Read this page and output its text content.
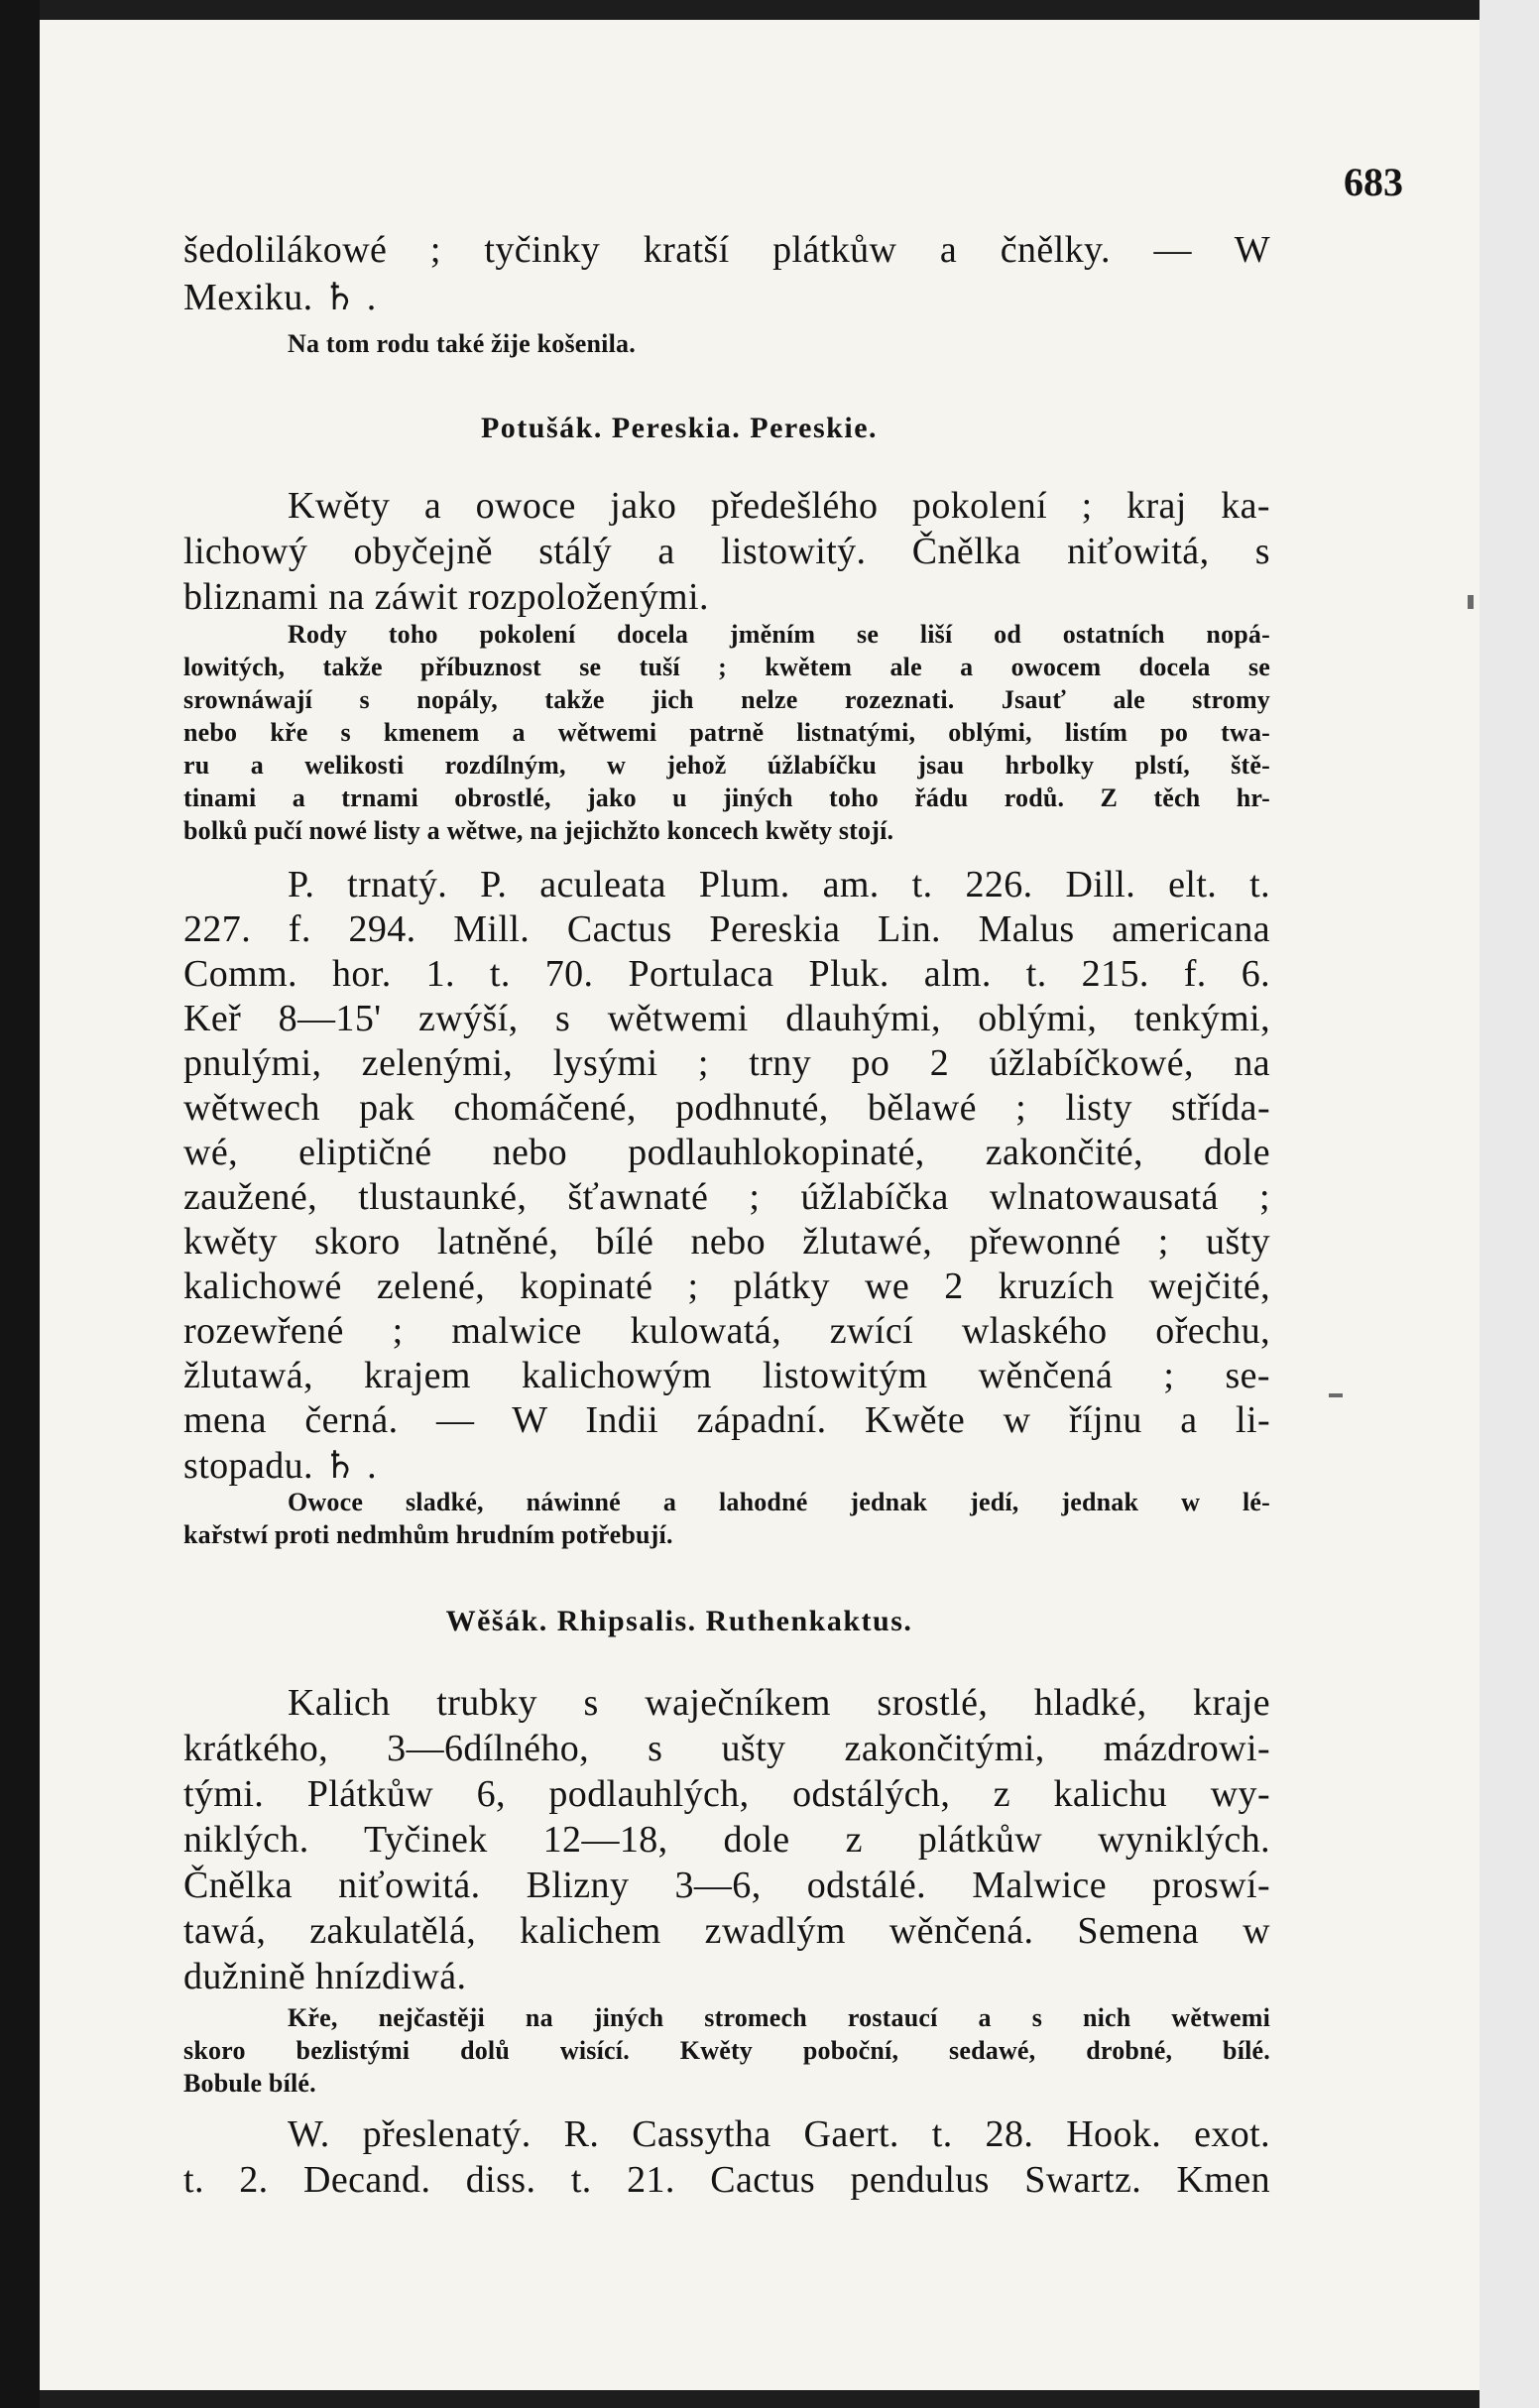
683
šedolilákowé ; tyčinky kratší plátkůw a čnělky. — W
Mexiku. ♄ .
Na tom rodu také žije košenila.
Potušák. Pereskia. Pereskie.
Kwěty a owoce jako předešlého pokolení ; kraj ka-
lichowý obyčejně stálý a listowitý. Čnělka niťowitá, s
bliznami na záwit rozpoloženými.
Rody toho pokolení docela jměním se liší od ostatních nopá-
lowitých, takže příbuznost se tuší ; kwětem ale a owocem docela se
srownáwají s nopály, takže jich nelze rozeznati. Jsauť ale stromy
nebo kře s kmenem a wětwemi patrně listnatými, oblými, listím po twa-
ru a welikosti rozdílným, w jehož úžlabíčku jsau hrbolky plstí, ště-
tinami a trnami obrostlé, jako u jiných toho řádu rodů. Z těch hr-
bolků pučí nowé listy a wětwe, na jejichžto koncech kwěty stojí.
P. trnatý. P. aculeata Plum. am. t. 226. Dill. elt. t.
227. f. 294. Mill. Cactus Pereskia Lin. Malus americana
Comm. hor. 1. t. 70. Portulaca Pluk. alm. t. 215. f. 6.
Keř 8—15' zwýší, s wětwemi dlauhými, oblými, tenkými,
pnulými, zelenými, lysými ; trny po 2 úžlabíčkowé, na
wětwech pak chomáčené, podhnuté, bělawé ; listy střída-
wé, eliptičné nebo podlauhlokopinaté, zakončité, dole
zaužené, tlustaunké, šťawnaté ; úžlabíčka wlnatowausatá ;
kwěty skoro latněné, bílé nebo žlutawé, přewonné ; ušty
kalichowé zelené, kopinaté ; plátky we 2 kruzích wejčité,
rozewřené ; malwice kulowatá, zwící wlaského ořechu,
žlutawá, krajem kalichowým listowitým wěnčená ; se-
mena černá. — W Indii západní. Kwěte w říjnu a li-
stopadu. ♄ .
Owoce sladké, náwinné a lahodné jednak jedí, jednak w lé-
kařstwí proti nedmhům hrudním potřebují.
Wěšák. Rhipsalis. Ruthenkaktus.
Kalich trubky s waječníkem srostlé, hladké, kraje
krátkého, 3—6dílného, s ušty zakončitými, mázdrowi-
tými. Plátkůw 6, podlauhlých, odstálých, z kalichu wy-
niklých. Tyčinek 12—18, dole z plátkůw wyniklých.
Čnělka niťowitá. Blizny 3—6, odstálé. Malwice proswí-
tawá, zakulatělá, kalichem zwadlým wěnčená. Semena w
dužnině hnízdiwá.
Kře, nejčastěji na jiných stromech rostaucí a s nich wětwemi
skoro bezlistými dolů wisící. Kwěty poboční, sedawé, drobné, bílé.
Bobule bílé.
W. přeslenatý. R. Cassytha Gaert. t. 28. Hook. exot.
t. 2. Decand. diss. t. 21. Cactus pendulus Swartz. Kmen
